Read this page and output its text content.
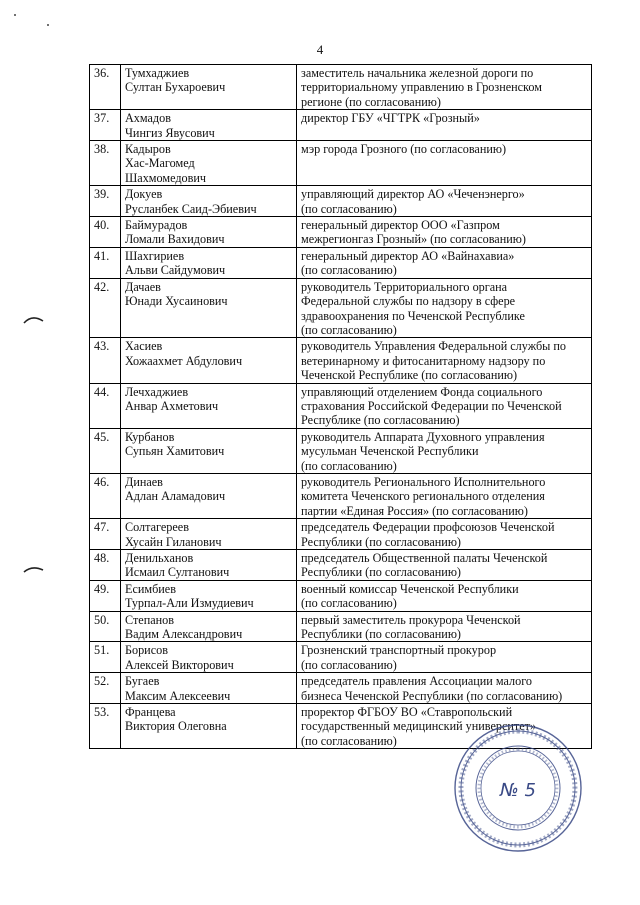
4
36.	Тумхаджиев
Султан Бухароевич	заместитель начальника железной дороги по
территориальному управлению в Грозненском
регионе (по согласованию)

37.	Ахмадов
Чингиз Явусович	директор ГБУ «ЧГТРК «Грозный»

38.	Кадыров
Хас-Магомед
Шахмомедович	мэр города Грозного (по согласованию)

39.	Докуев
Русланбек Саид-Эбиевич	управляющий директор АО «Чеченэнерго»
(по согласованию)

40.	Баймурадов
Ломали Вахидович	генеральный директор ООО «Газпром
межрегионгаз Грозный» (по согласованию)

41.	Шахгириев
Альви Сайдумович	генеральный директор АО «Вайнахавиа»
(по согласованию)

42.	Дачаев
Юнади Хусаинович	руководитель Территориального органа
Федеральной службы по надзору в сфере
здравоохранения по Чеченской Республике
(по согласованию)

43.	Хасиев
Хожаахмет Абдулович	руководитель Управления Федеральной службы по
ветеринарному и фитосанитарному надзору по
Чеченской Республике (по согласованию)

44.	Лечхаджиев
Анвар Ахметович	управляющий отделением Фонда социального
страхования Российской Федерации по Чеченской
Республике (по согласованию)

45.	Курбанов
Супьян Хамитович	руководитель Аппарата Духовного управления
мусульман Чеченской Республики
(по согласованию)

46.	Динаев
Адлан Аламадович	руководитель Регионального Исполнительного
комитета Чеченского регионального отделения
партии «Единая Россия» (по согласованию)

47.	Солтагереев
Хусайн Гиланович	председатель Федерации профсоюзов Чеченской
Республики (по согласованию)

48.	Денильханов
Исмаил Султанович	председатель Общественной палаты Чеченской
Республики (по согласованию)

49.	Есимбиев
Турпал-Али Измудиевич	военный комиссар Чеченской Республики
(по согласованию)

50.	Степанов
Вадим Александрович	первый заместитель прокурора Чеченской
Республики (по согласованию)

51.	Борисов
Алексей Викторович	Грозненский транспортный прокурор
(по согласованию)

52.	Бугаев
Максим Алексеевич	председатель правления Ассоциации малого
бизнеса Чеченской Республики (по согласованию)

53.	Францева
Виктория Олеговна	проректор ФГБОУ ВО «Ставропольский
государственный медицинский университет»
(по согласованию)
№ 5
